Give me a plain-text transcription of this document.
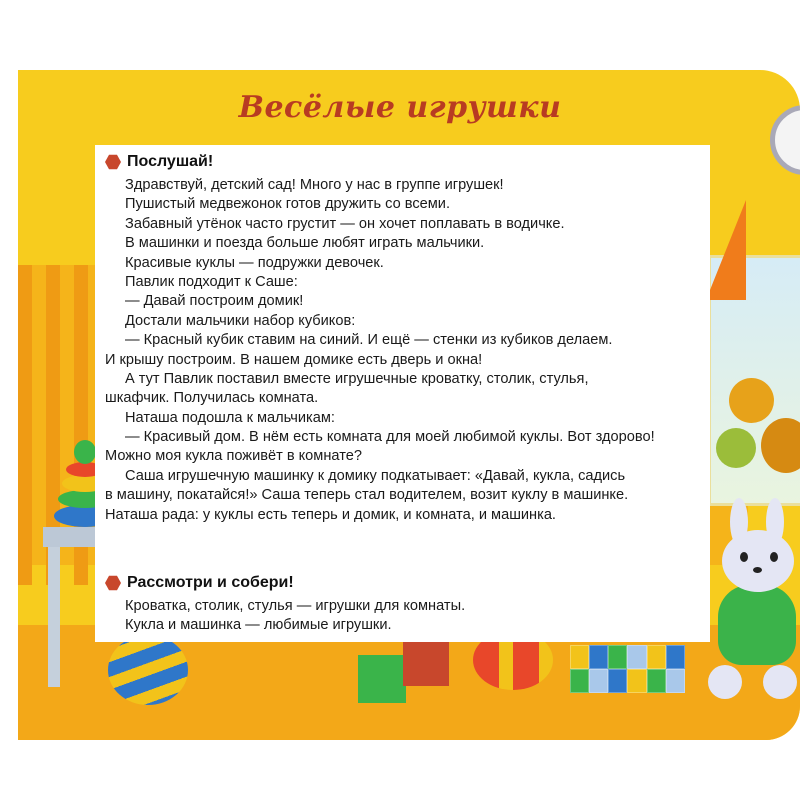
Весёлые игрушки
Послушай!
Здравствуй, детский сад! Много у нас в группе игрушек!
Пушистый медвежонок готов дружить со всеми.
Забавный утёнок часто грустит — он хочет поплавать в водичке.
В машинки и поезда больше любят играть мальчики.
Красивые куклы — подружки девочек.
Павлик подходит к Саше:
— Давай построим домик!
Достали мальчики набор кубиков:
— Красный кубик ставим на синий. И ещё — стенки из кубиков делаем.
И крышу построим. В нашем домике есть дверь и окна!
А тут Павлик поставил вместе игрушечные кроватку, столик, стулья,
шкафчик. Получилась комната.
Наташа подошла к мальчикам:
— Красивый дом. В нём есть комната для моей любимой куклы. Вот здорово!
Можно моя кукла поживёт в комнате?
Саша игрушечную машинку к домику подкатывает: «Давай, кукла, садись
в машину, покатайся!» Саша теперь стал водителем, возит куклу в машинке.
Наташа рада: у куклы есть теперь и домик, и комната, и машинка.
Рассмотри и собери!
Кроватка, столик, стулья — игрушки для комнаты.
Кукла и машинка — любимые игрушки.
